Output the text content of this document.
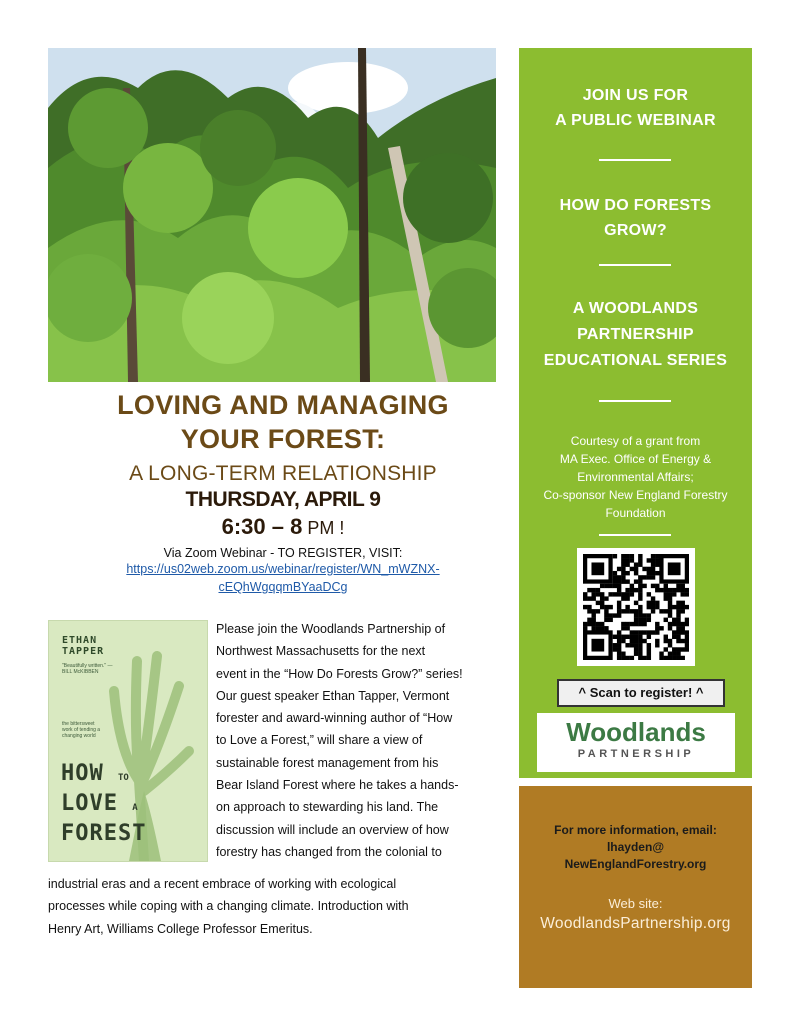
LOVING AND MANAGING
YOUR FOREST:
A LONG-TERM RELATIONSHIP
THURSDAY, APRIL 9
6:30 – 8 PM !
Via Zoom Webinar - TO REGISTER, VISIT:
https://us02web.zoom.us/webinar/register/WN_mWZNX-
cEQhWgqqmBYaaDCg
ETHAN
TAPPER
"Beautifully written." —BILL McKIBBEN
the bittersweet work of tending a changing world
HOW TO
LOVE A
FOREST
Please join the Woodlands Partnership of
Northwest Massachusetts for the next
event in the “How Do Forests Grow?” series!
Our guest speaker Ethan Tapper, Vermont
forester and award-winning author of “How
to Love a Forest,” will share a view of
sustainable forest management from his
Bear Island Forest where he takes a hands-
on approach to stewarding his land. The
discussion will include an overview of how
forestry has changed from the colonial to
industrial eras and a recent embrace of working with ecological
processes while coping with a changing climate. Introduction with
Henry Art, Williams College Professor Emeritus.
JOIN US FOR
A PUBLIC WEBINAR
HOW DO FORESTS
GROW?
A WOODLANDS
PARTNERSHIP
EDUCATIONAL SERIES
Courtesy of a grant from
MA Exec. Office of Energy &
Environmental Affairs;
Co-sponsor New England Forestry
Foundation
^ Scan to register! ^
Woodlands
PARTNERSHIP
For more information, email:
lhayden@
NewEnglandForestry.org
Web site:
WoodlandsPartnership.org
